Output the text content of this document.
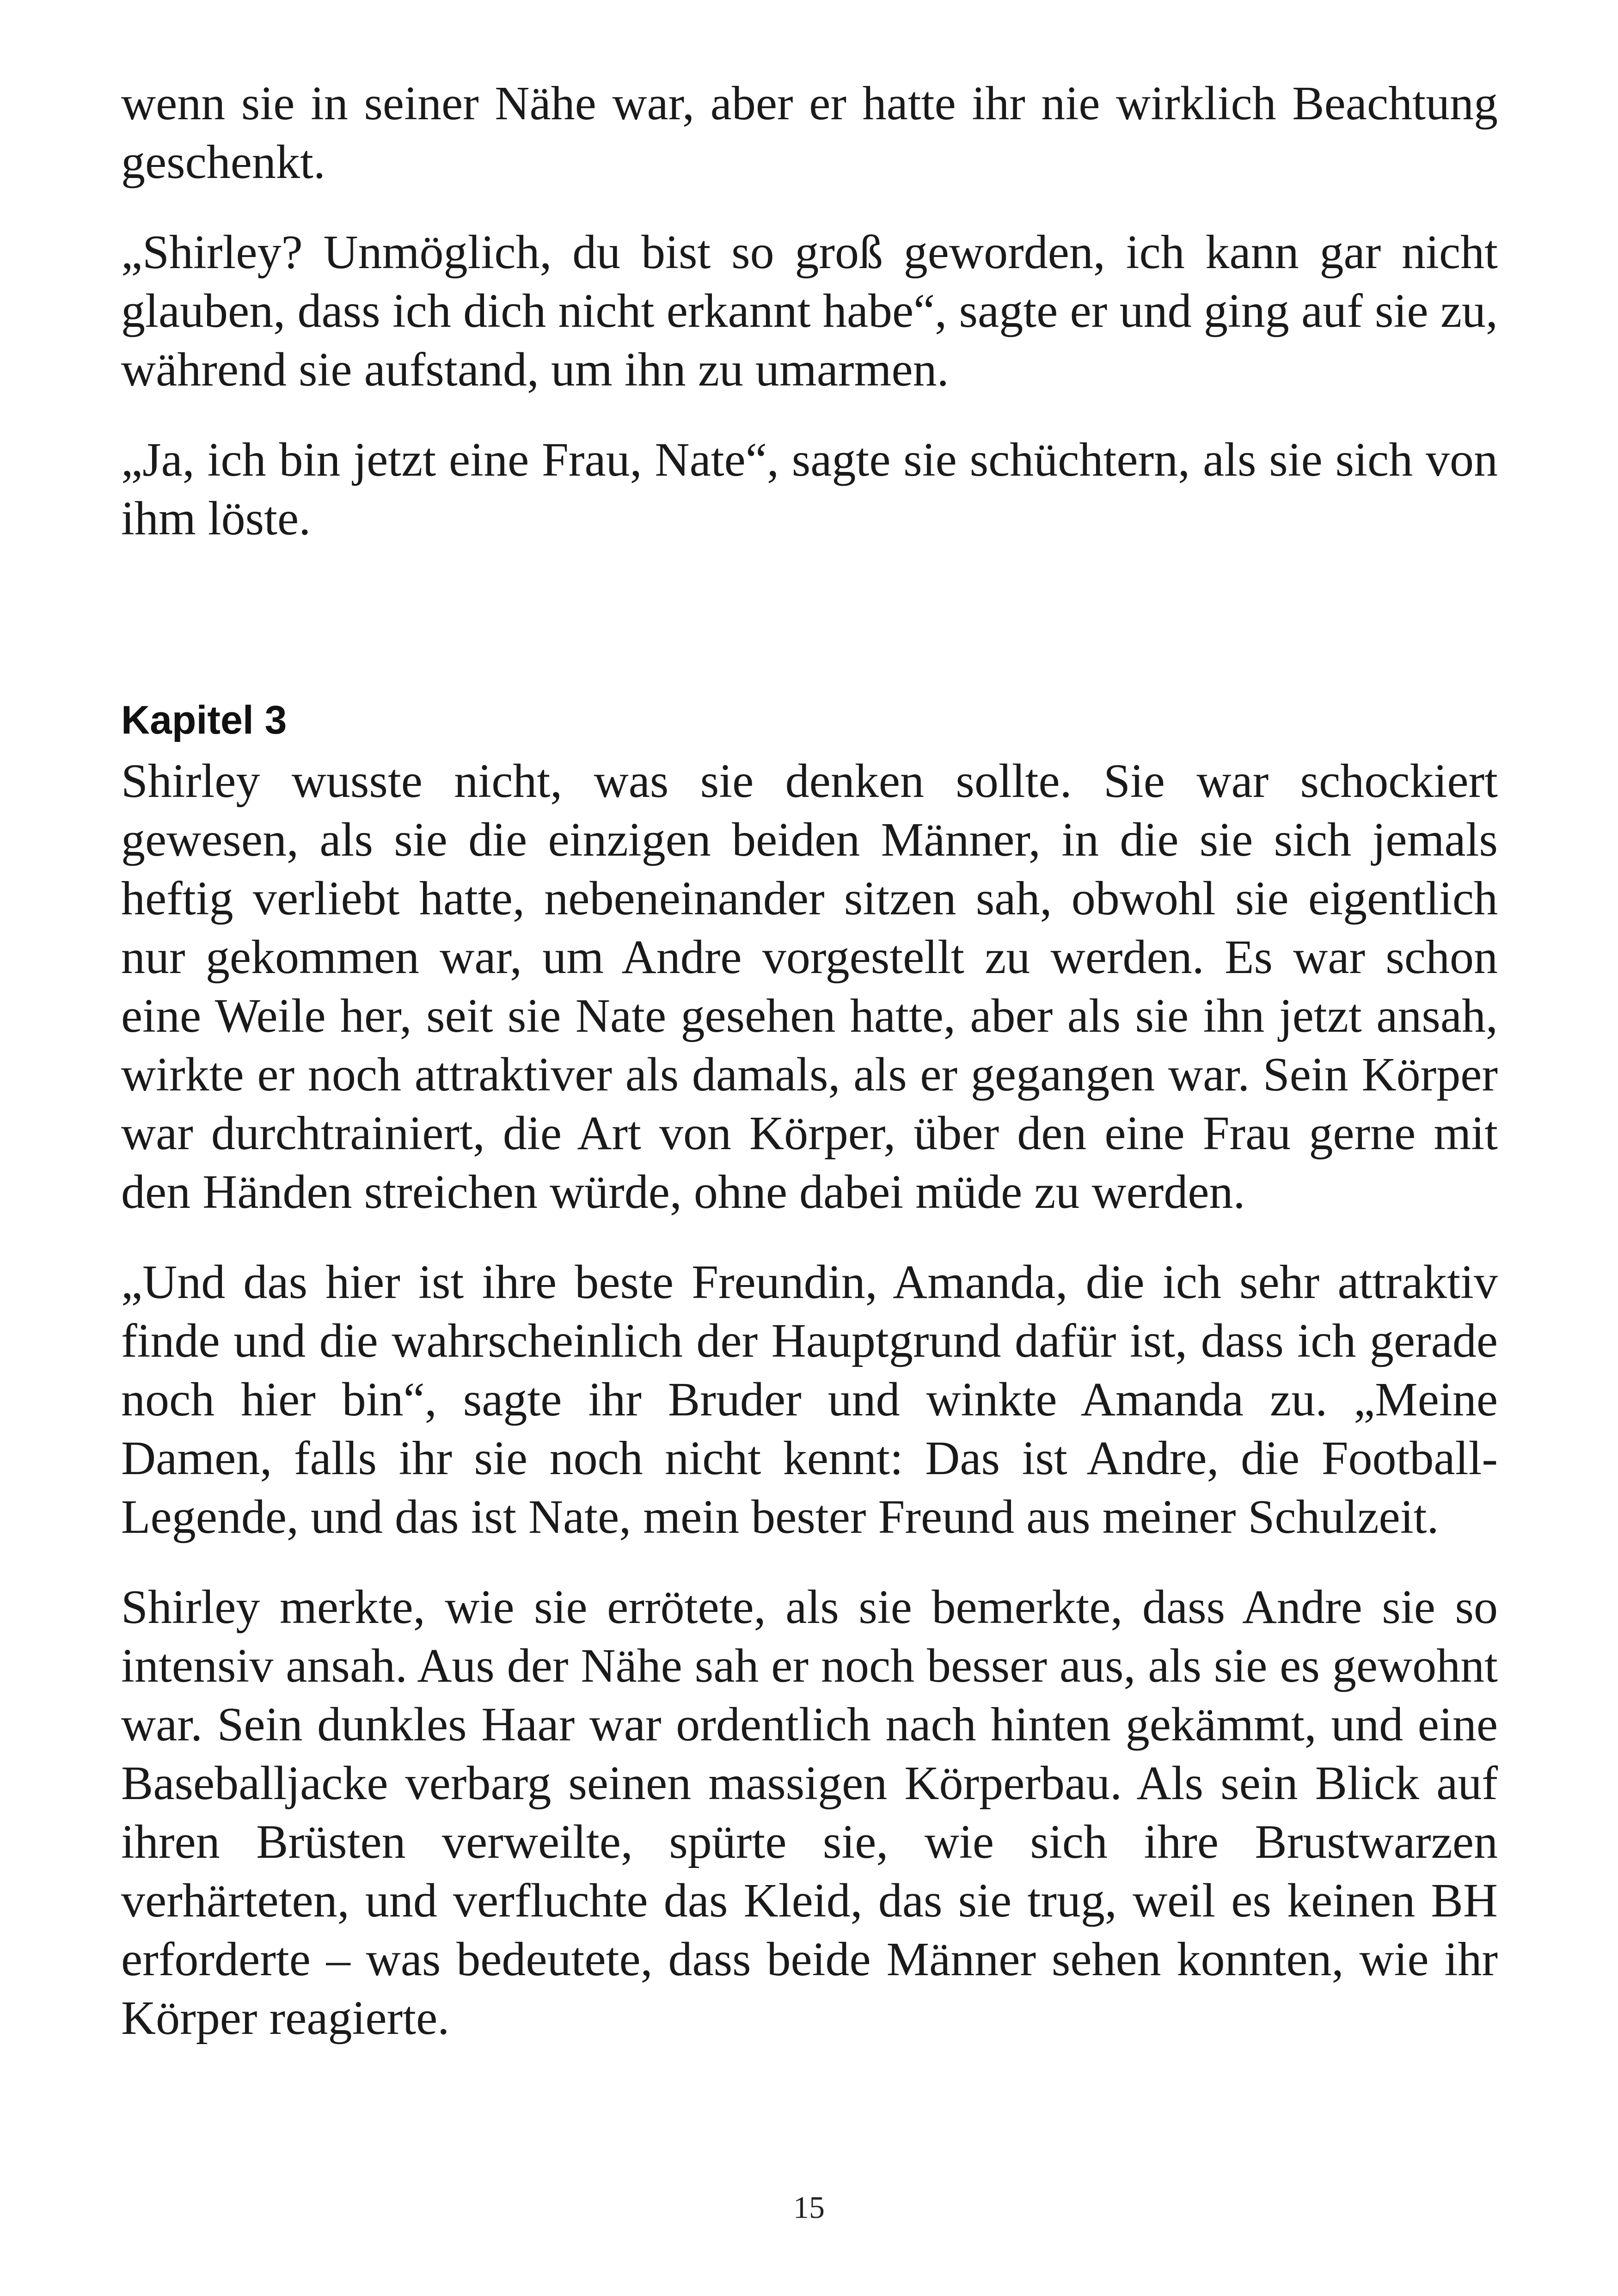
wenn sie in seiner Nähe war, aber er hatte ihr nie wirklich Beachtung geschenkt.

„Shirley? Unmöglich, du bist so groß geworden, ich kann gar nicht glauben, dass ich dich nicht erkannt habe“, sagte er und ging auf sie zu, während sie aufstand, um ihn zu umarmen.

„Ja, ich bin jetzt eine Frau, Nate“, sagte sie schüchtern, als sie sich von ihm löste.

Kapitel 3

Shirley wusste nicht, was sie denken sollte. Sie war schockiert gewesen, als sie die einzigen beiden Männer, in die sie sich jemals heftig verliebt hatte, nebeneinander sitzen sah, obwohl sie eigentlich nur gekommen war, um Andre vorgestellt zu werden. Es war schon eine Weile her, seit sie Nate gesehen hatte, aber als sie ihn jetzt ansah, wirkte er noch attraktiver als damals, als er gegangen war. Sein Körper war durchtrainiert, die Art von Körper, über den eine Frau gerne mit den Händen streichen würde, ohne dabei müde zu werden.

„Und das hier ist ihre beste Freundin, Amanda, die ich sehr attraktiv finde und die wahrscheinlich der Hauptgrund dafür ist, dass ich gerade noch hier bin“, sagte ihr Bruder und winkte Amanda zu. „Meine Damen, falls ihr sie noch nicht kennt: Das ist Andre, die Football-Legende, und das ist Nate, mein bester Freund aus meiner Schulzeit.

Shirley merkte, wie sie errötete, als sie bemerkte, dass Andre sie so intensiv ansah. Aus der Nähe sah er noch besser aus, als sie es gewohnt war. Sein dunkles Haar war ordentlich nach hinten gekämmt, und eine Baseballjacke verbarg seinen massigen Körperbau. Als sein Blick auf ihren Brüsten verweilte, spürte sie, wie sich ihre Brustwarzen verhärteten, und verfluchte das Kleid, das sie trug, weil es keinen BH erforderte – was bedeutete, dass beide Männer sehen konnten, wie ihr Körper reagierte.

15
